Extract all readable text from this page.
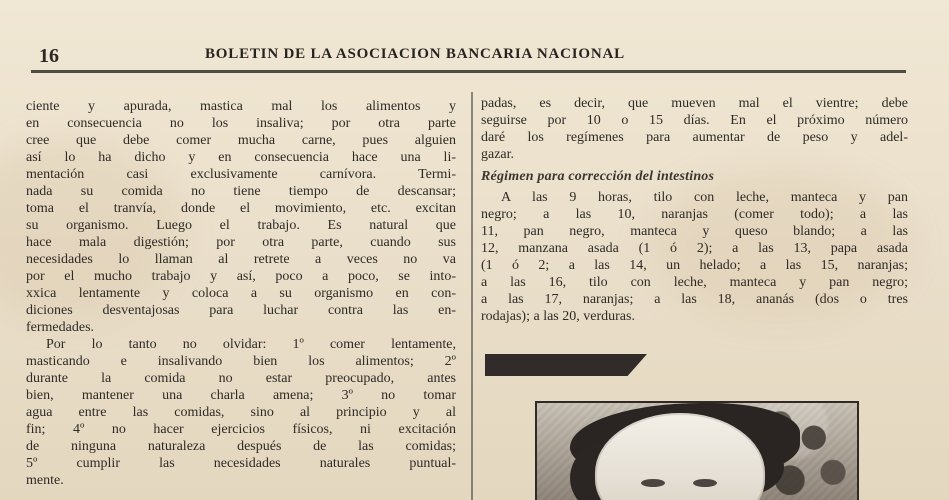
16	BOLETIN DE LA ASOCIACION BANCARIA NACIONAL
ciente y apurada, mastica mal los alimentos y
en consecuencia no los insaliva; por otra parte
cree que debe comer mucha carne, pues alguien
así lo ha dicho y en consecuencia hace una li-
mentación casi exclusivamente carnívora. Termi-
nada su comida no tiene tiempo de descansar;
toma el tranvía, donde el movimiento, etc. excitan
su organismo. Luego el trabajo. Es natural que
hace mala digestión; por otra parte, cuando sus
necesidades lo llaman al retrete a veces no va
por el mucho trabajo y así, poco a poco, se into-
xxica lentamente y coloca a su organismo en con-
diciones desventajosas para luchar contra las en-
fermedades.
Por lo tanto no olvidar: 1º comer lentamente,
masticando e insalivando bien los alimentos; 2º
durante la comida no estar preocupado, antes
bien, mantener una charla amena; 3º no tomar
agua entre las comidas, sino al principio y al
fin; 4º no hacer ejercicios físicos, ni excitación
de ninguna naturaleza después de las comidas;
5º cumplir las necesidades naturales puntual-
mente.
padas, es decir, que mueven mal el vientre; debe
seguirse por 10 o 15 días. En el próximo número
daré los regímenes para aumentar de peso y adel-
gazar.
Régimen para corrección del intestinos
A las 9 horas, tilo con leche, manteca y pan
negro; a las 10, naranjas (comer todo); a las
11, pan negro, manteca y queso blando; a las
12, manzana asada (1 ó 2); a las 13, papa asada
(1 ó 2; a las 14, un helado; a las 15, naranjas;
a las 16, tilo con leche, manteca y pan negro;
a las 17, naranjas; a las 18, ananás (dos o tres
rodajas); a las 20, verduras.
